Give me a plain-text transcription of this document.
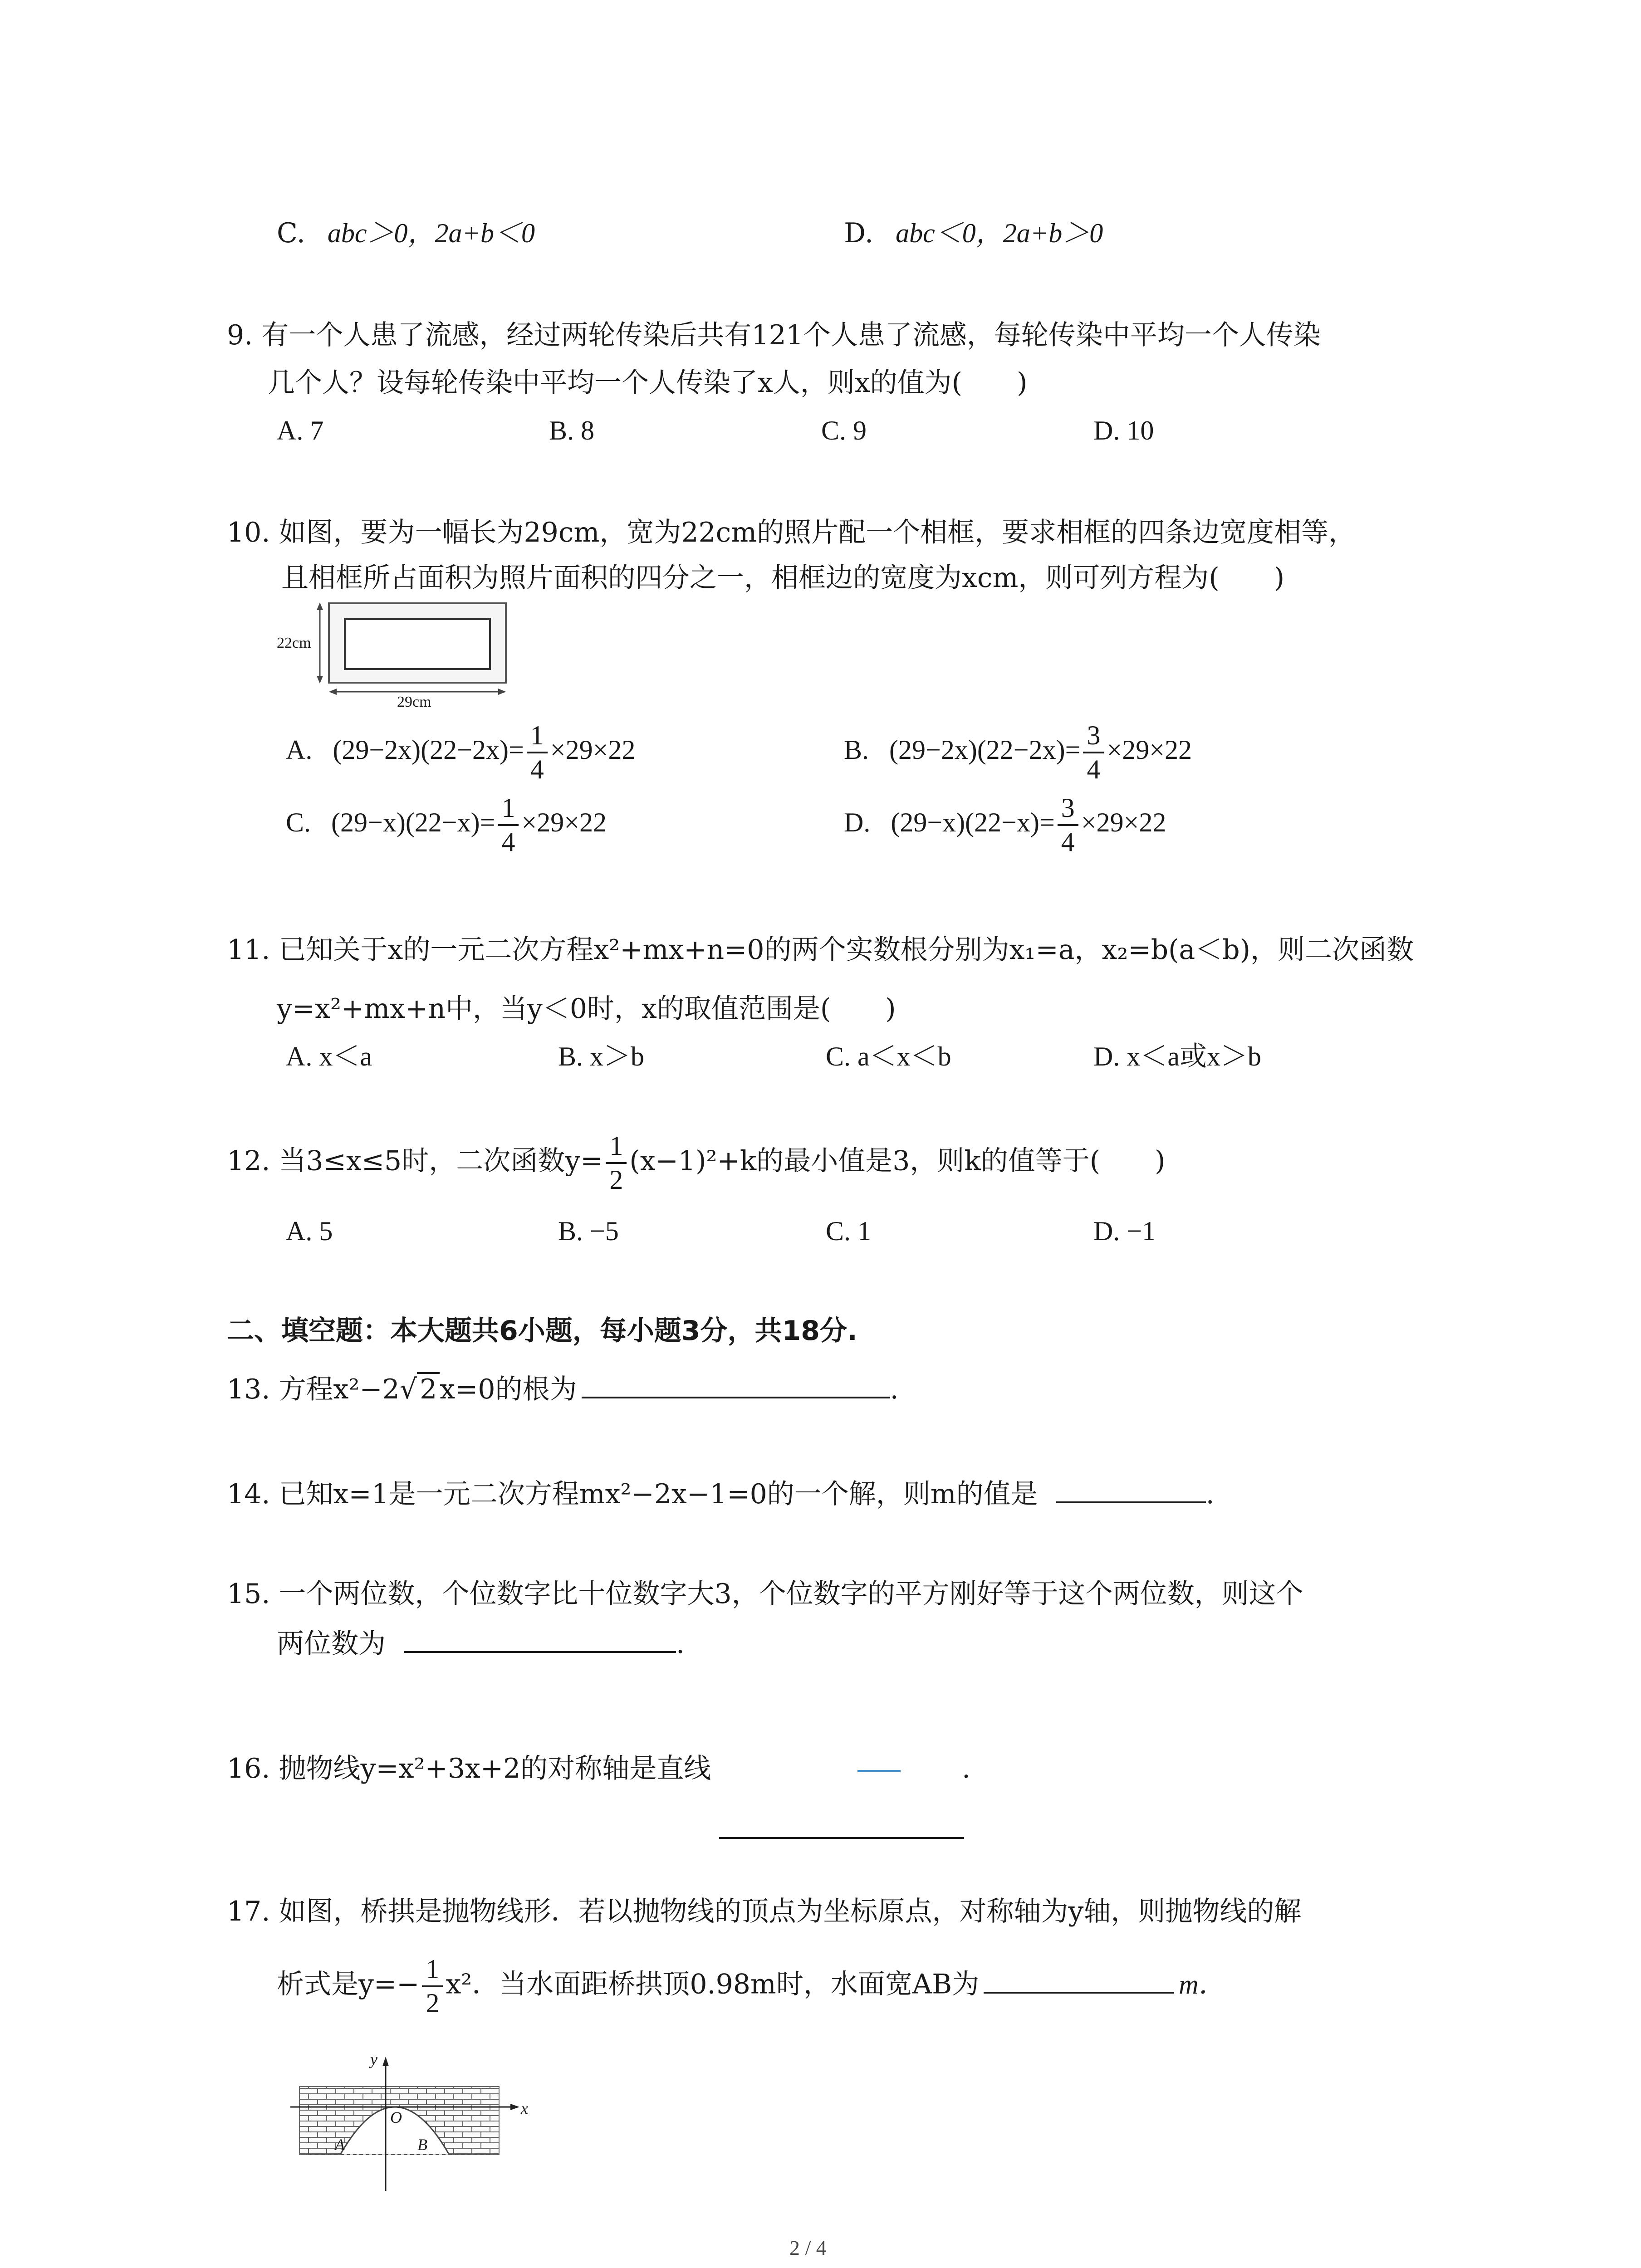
C. abc＞0，2a+b＜0	D. abc＜0，2a+b＞0
9. 有一个人患了流感，经过两轮传染后共有121个人患了流感，每轮传染中平均一个人传染
几个人？设每轮传染中平均一个人传染了x人，则x的值为(　　)
A. 7	B. 8	C. 9	D. 10
10. 如图，要为一幅长为29cm，宽为22cm的照片配一个相框，要求相框的四条边宽度相等，
且相框所占面积为照片面积的四分之一，相框边的宽度为xcm，则可列方程为(　　)
22cm
29cm
A. $(29-2x)(22-2x)= \frac{1}{4} \times 29\times 22$	B. $(29-2x)(22-2x)= \frac{3}{4} \times 29\times 22$
C. $(29-x)(22-x)= \frac{1}{4} \times 29\times 22$	D. $(29-x)(22-x)= \frac{3}{4} \times 29\times 22$
11. 已知关于x的一元二次方程x²+mx+n=0的两个实数根分别为x₁=a，x₂=b(a＜b)，则二次函数
y=x²+mx+n中，当y＜0时，x的取值范围是(　　)
A. x＜a	B. x＞b	C. a＜x＜b	D. x＜a或x＞b
12. 当3≤x≤5时，二次函数$y= \frac{1}{2} (x-1)^2+k$的最小值是3，则k的值等于(　　)
A. 5	B. −5	C. 1	D. −1
二、填空题：本大题共6小题，每小题3分，共18分.
13. 方程x²−2√ 2 x=0的根为	.
14. 已知x=1是一元二次方程mx²−2x−1=0的一个解，则m的值是	.
15. 一个两位数，个位数字比十位数字大3，个位数字的平方刚好等于这个两位数，则这个
两位数为	.
16. 抛物线y=x²+3x+2的对称轴是直线	.
17. 如图，桥拱是抛物线形．若以抛物线的顶点为坐标原点，对称轴为y轴，则抛物线的解
析式是$y=- \frac{1}{2} x^2$．当水面距桥拱顶0.98m时，水面宽AB为	m．
y
x
O
A	B
2 / 4
